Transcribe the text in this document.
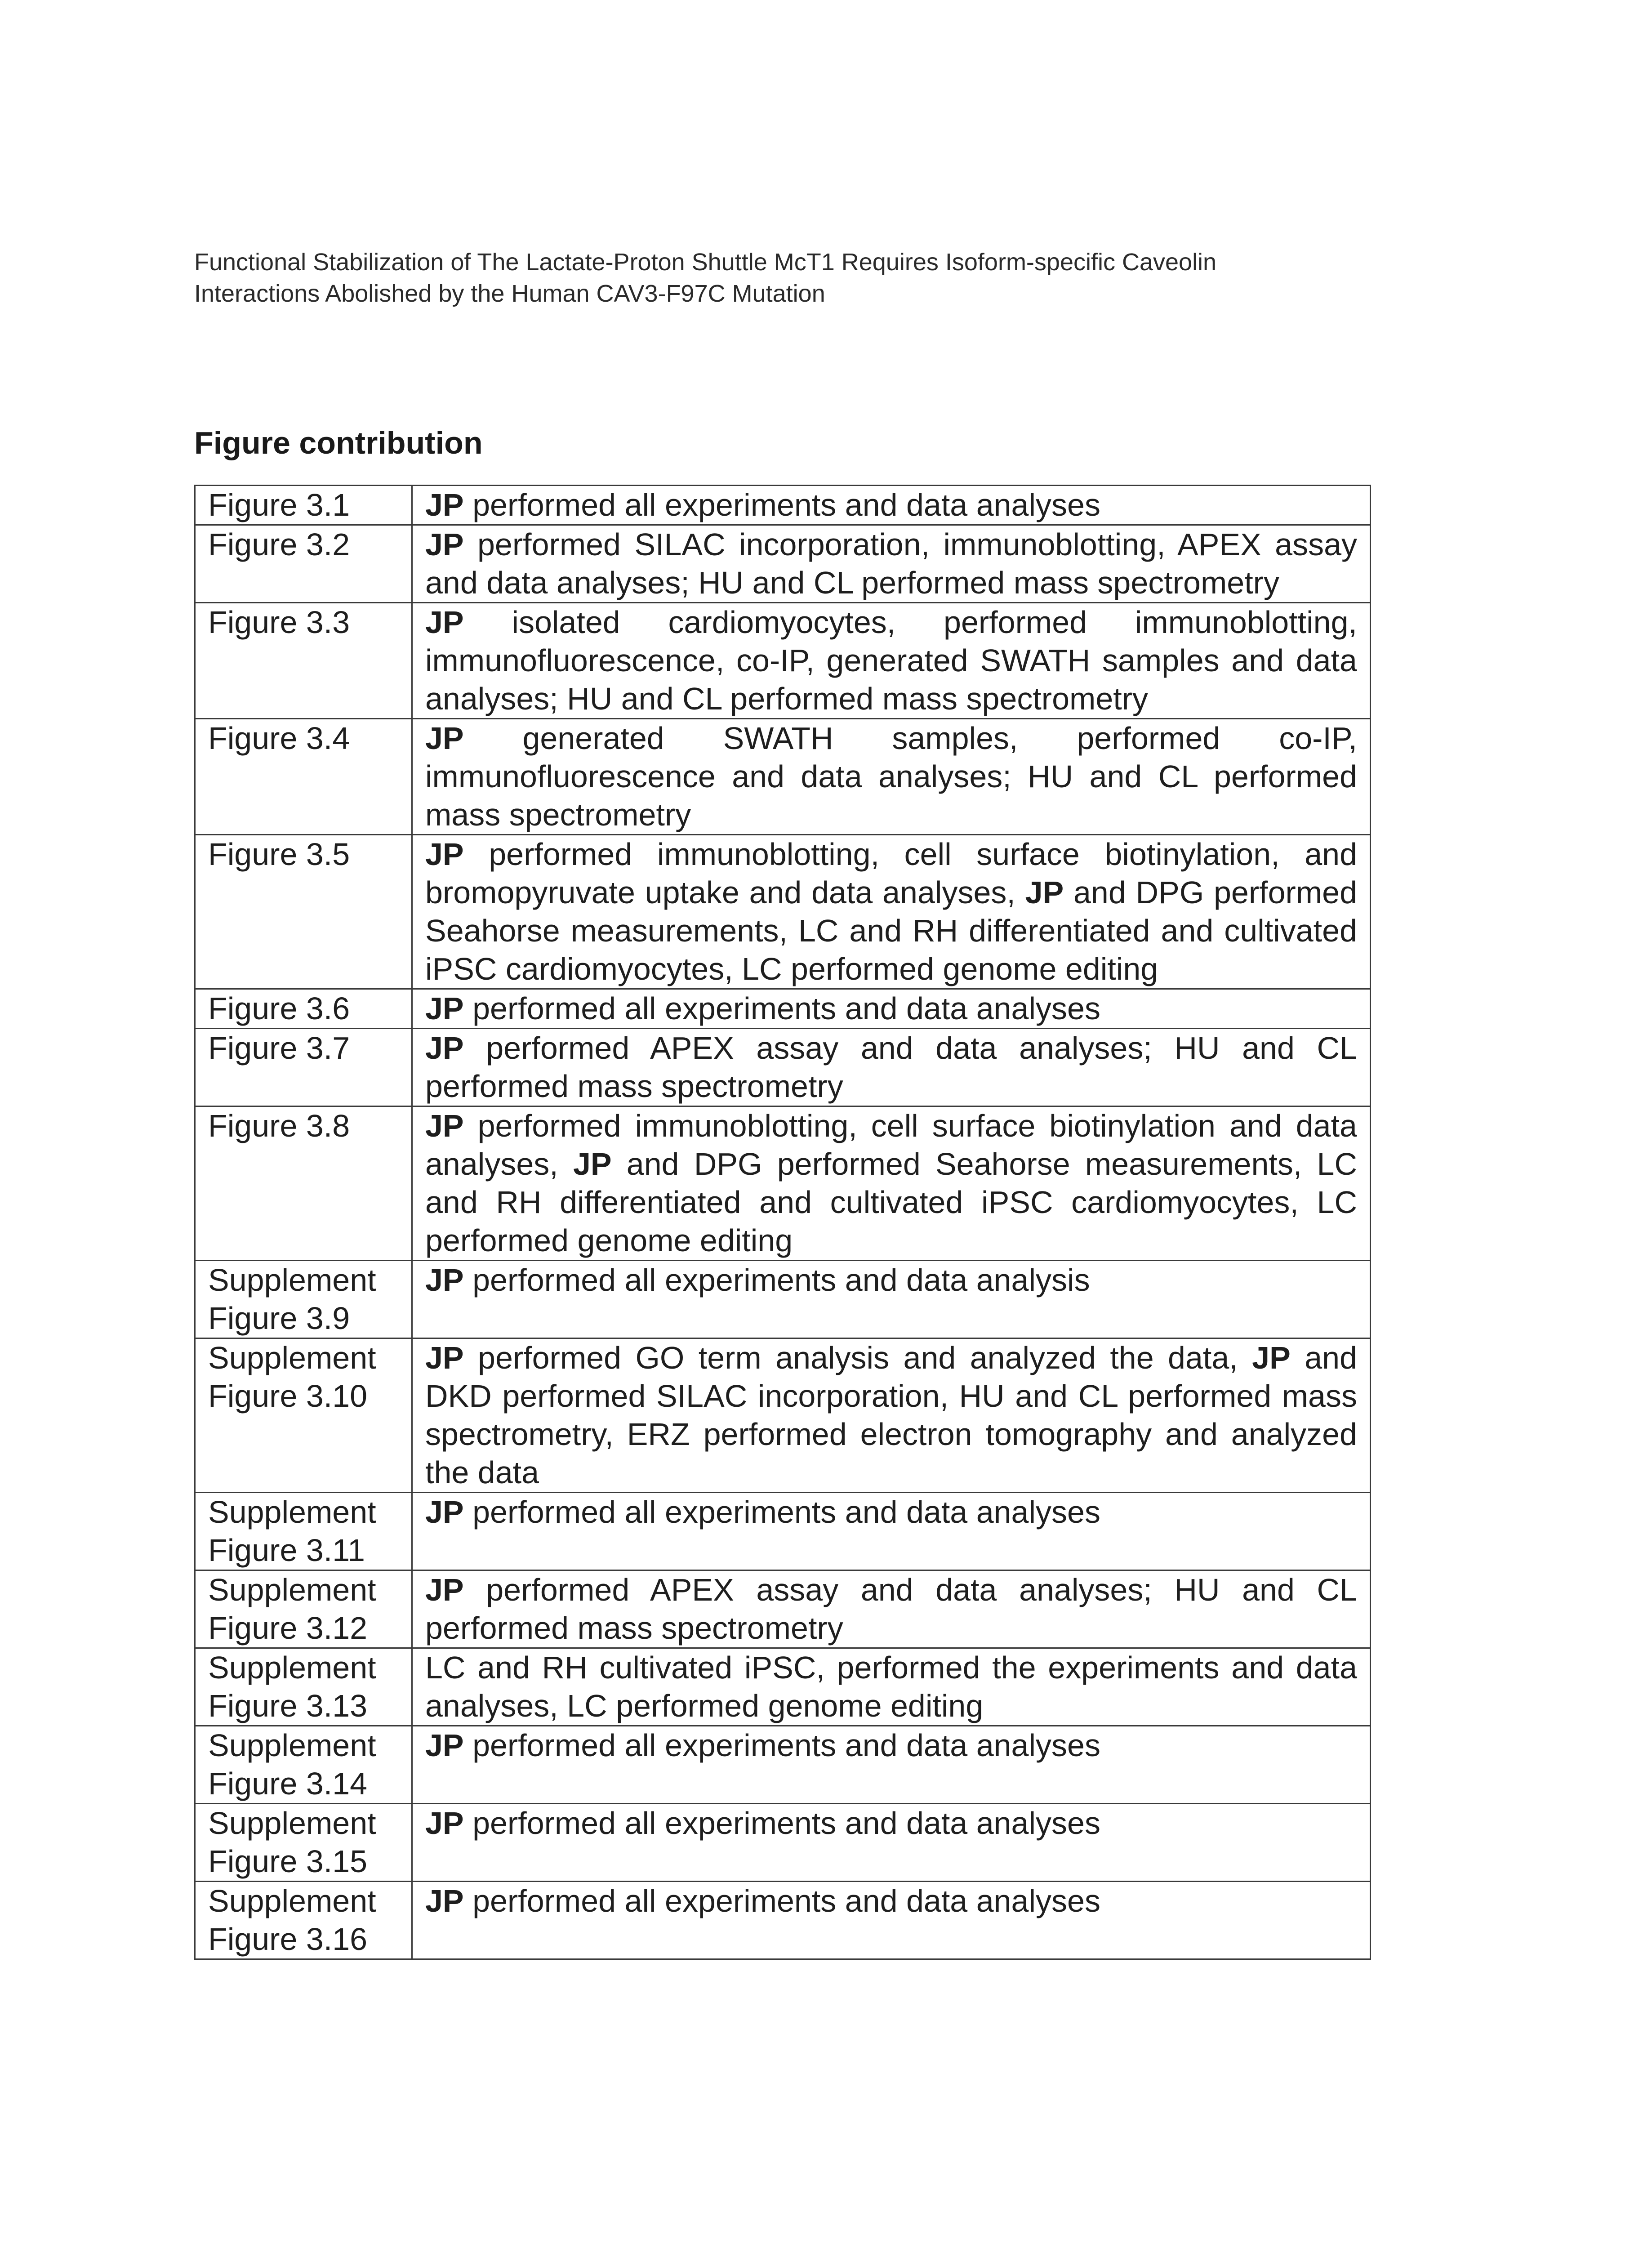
Functional Stabilization of The Lactate-Proton Shuttle McT1 Requires Isoform-specific Caveolin
Interactions Abolished by the Human CAV3-F97C Mutation
Figure contribution
Figure 3.1	JP performed all experiments and data analyses

Figure 3.2	JP performed SILAC incorporation, immunoblotting, APEX assay and data analyses; HU and CL performed mass spectrometry

Figure 3.3	JP isolated cardiomyocytes, performed immunoblotting, immunofluorescence, co-IP, generated SWATH samples and data analyses; HU and CL performed mass spectrometry

Figure 3.4	JP generated SWATH samples, performed co-IP, immunofluorescence and data analyses; HU and CL performed mass spectrometry

Figure 3.5	JP performed immunoblotting, cell surface biotinylation, and bromopyruvate uptake and data analyses, JP and DPG performed Seahorse measurements, LC and RH differentiated and cultivated iPSC cardiomyocytes, LC performed genome editing

Figure 3.6	JP performed all experiments and data analyses

Figure 3.7	JP performed APEX assay and data analyses; HU and CL performed mass spectrometry

Figure 3.8	JP performed immunoblotting, cell surface biotinylation and data analyses, JP and DPG performed Seahorse measurements, LC and RH differentiated and cultivated iPSC cardiomyocytes, LC performed genome editing

Supplement
Figure 3.9	JP performed all experiments and data analysis

Supplement
Figure 3.10	JP performed GO term analysis and analyzed the data, JP and DKD performed SILAC incorporation, HU and CL performed mass spectrometry, ERZ performed electron tomography and analyzed the data

Supplement
Figure 3.11	JP performed all experiments and data analyses

Supplement
Figure 3.12	JP performed APEX assay and data analyses; HU and CL performed mass spectrometry

Supplement
Figure 3.13	LC and RH cultivated iPSC, performed the experiments and data analyses, LC performed genome editing

Supplement
Figure 3.14	JP performed all experiments and data analyses

Supplement
Figure 3.15	JP performed all experiments and data analyses

Supplement
Figure 3.16	JP performed all experiments and data analyses
